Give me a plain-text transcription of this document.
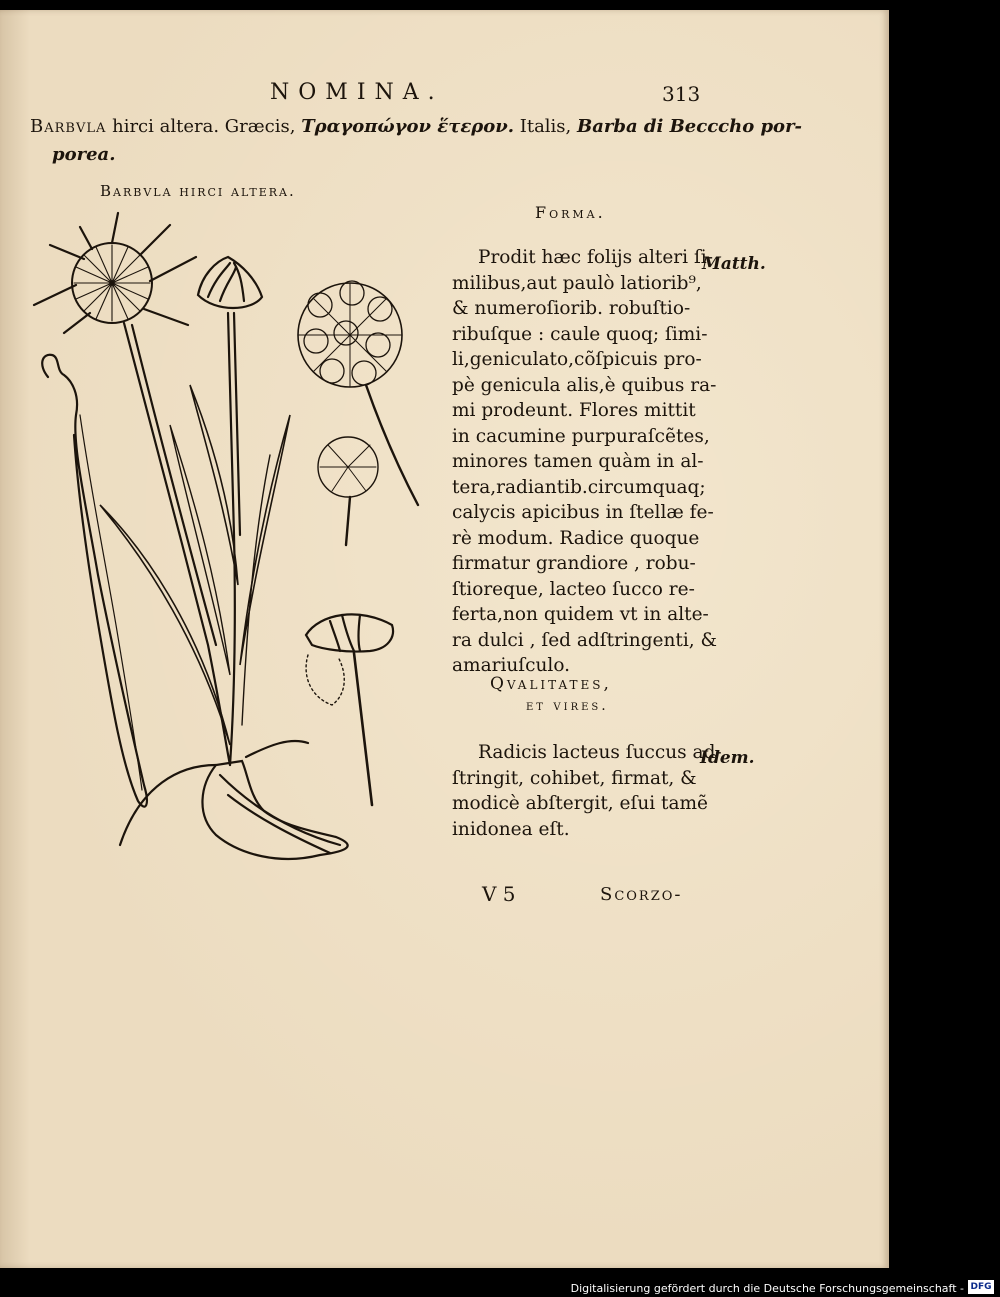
NOMINA.	313
Barbvla hirci altera. Græcis, Τραγοπώγον ἕτερον. Italis, Barba di Becccho por-
porea.
Barbvla hirci altera.
Forma.
Matth.
Prodit hæc folijs alteri ſi-
milibus,aut paulò latiorib⁹,
& numeroſiorib. robuſtio-
ribuſque : caule quoq; ſimi-
li,geniculato,cõſpicuis pro-
pè genicula alis,è quibus ra-
mi prodeunt. Flores mittit
in cacumine purpuraſcẽtes,
minores tamen quàm in al-
tera,radiantib.circumquaq;
calycis apicibus in ſtellæ fe-
rè modum. Radice quoque
firmatur grandiore , robu-
ſtioreque, lacteo ſucco re-
ferta,non quidem vt in alte-
ra dulci , ſed adſtringenti, &
amariuſculo.
Qvalitates,
et vires.
Idem.
Radicis lacteus ſuccus ad-
ſtringit, cohibet, firmat, &
modicè abſtergit, eſui tamẽ
inidonea eſt.
V 5	Scorzo-
Digitalisierung gefördert durch die Deutsche Forschungsgemeinschaft - DFG
